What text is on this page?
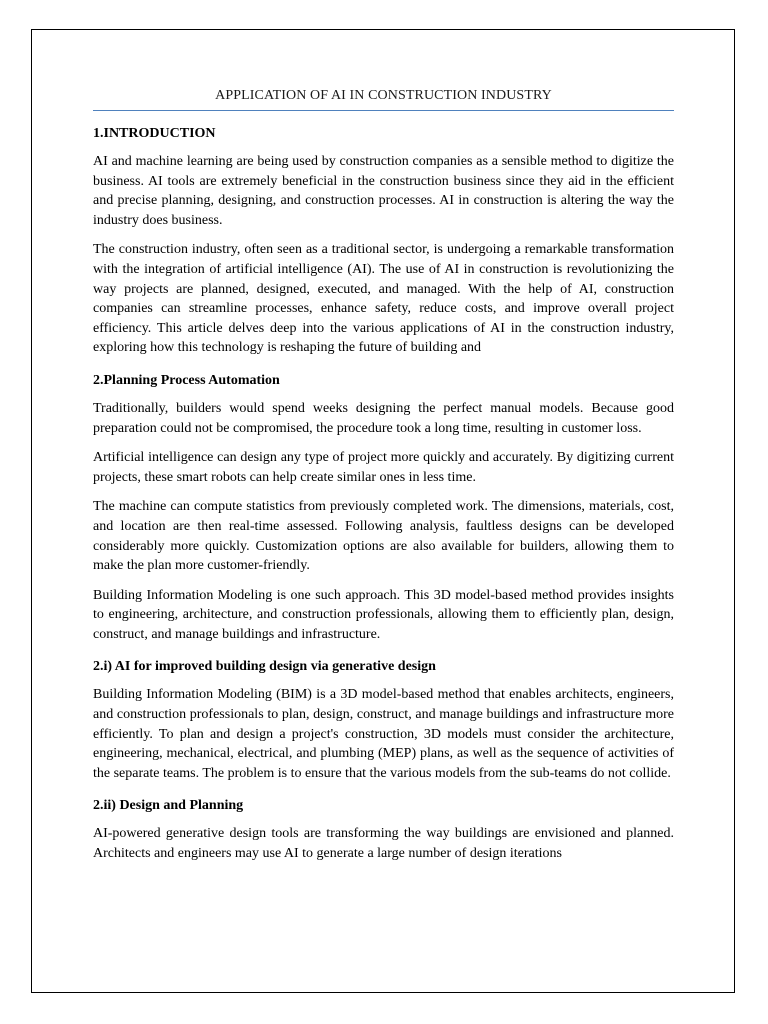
APPLICATION OF AI IN CONSTRUCTION INDUSTRY
1.INTRODUCTION

AI and machine learning are being used by construction companies as a sensible method to digitize the business. AI tools are extremely beneficial in the construction business since they aid in the efficient and precise planning, designing, and construction processes. AI in construction is altering the way the industry does business.

The construction industry, often seen as a traditional sector, is undergoing a remarkable transformation with the integration of artificial intelligence (AI). The use of AI in construction is revolutionizing the way projects are planned, designed, executed, and managed. With the help of AI, construction companies can streamline processes, enhance safety, reduce costs, and improve overall project efficiency. This article delves deep into the various applications of AI in the construction industry, exploring how this technology is reshaping the future of building and

2.Planning Process Automation

Traditionally, builders would spend weeks designing the perfect manual models. Because good preparation could not be compromised, the procedure took a long time, resulting in customer loss.

Artificial intelligence can design any type of project more quickly and accurately. By digitizing current projects, these smart robots can help create similar ones in less time.

The machine can compute statistics from previously completed work. The dimensions, materials, cost, and location are then real-time assessed. Following analysis, faultless designs can be developed considerably more quickly. Customization options are also available for builders, allowing them to make the plan more customer-friendly.

Building Information Modeling is one such approach. This 3D model-based method provides insights to engineering, architecture, and construction professionals, allowing them to efficiently plan, design, construct, and manage buildings and infrastructure.

2.i) AI for improved building design via generative design

Building Information Modeling (BIM) is a 3D model-based method that enables architects, engineers, and construction professionals to plan, design, construct, and manage buildings and infrastructure more efficiently. To plan and design a project's construction, 3D models must consider the architecture, engineering, mechanical, electrical, and plumbing (MEP) plans, as well as the sequence of activities of the separate teams. The problem is to ensure that the various models from the sub-teams do not collide.

2.ii) Design and Planning

AI-powered generative design tools are transforming the way buildings are envisioned and planned. Architects and engineers may use AI to generate a large number of design iterations
